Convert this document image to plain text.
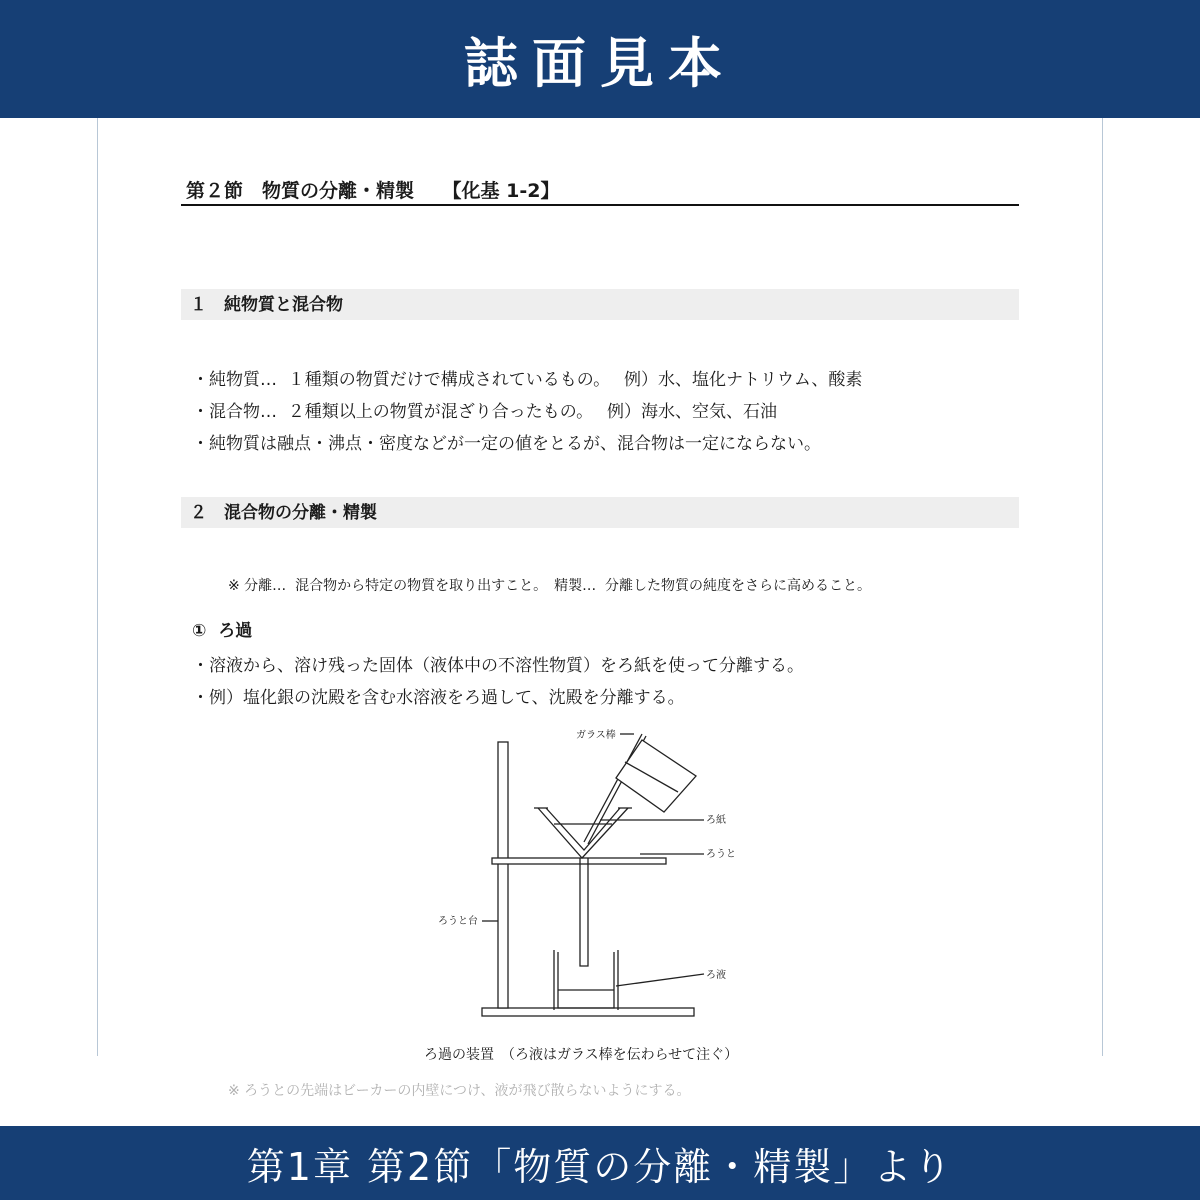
誌面見本
第２節　物質の分離・精製　　【化基 1-2】
１　純物質と混合物
・純物質…  １種類の物質だけで構成されているもの。　 例）水、塩化ナトリウム、酸素
・混合物…  ２種類以上の物質が混ざり合ったもの。　 例）海水、空気、石油
・純物質は融点・沸点・密度などが一定の値をとるが、混合物は一定にならない。
２　混合物の分離・精製
※ 分離…  混合物から特定の物質を取り出すこと。　精製…  分離した物質の純度をさらに高めること。
①  ろ過
・溶液から、溶け残った固体（液体中の不溶性物質）をろ紙を使って分離する。
・例）塩化銀の沈殿を含む水溶液をろ過して、沈殿を分離する。
ガラス棒
ろ紙
ろうと
ろうと台
ろ液
ろ過の装置　（ろ液はガラス棒を伝わらせて注ぐ）
※ ろうとの先端はビーカーの内壁につけ、液が飛び散らないようにする。
第1章 第2節「物質の分離・精製」より
